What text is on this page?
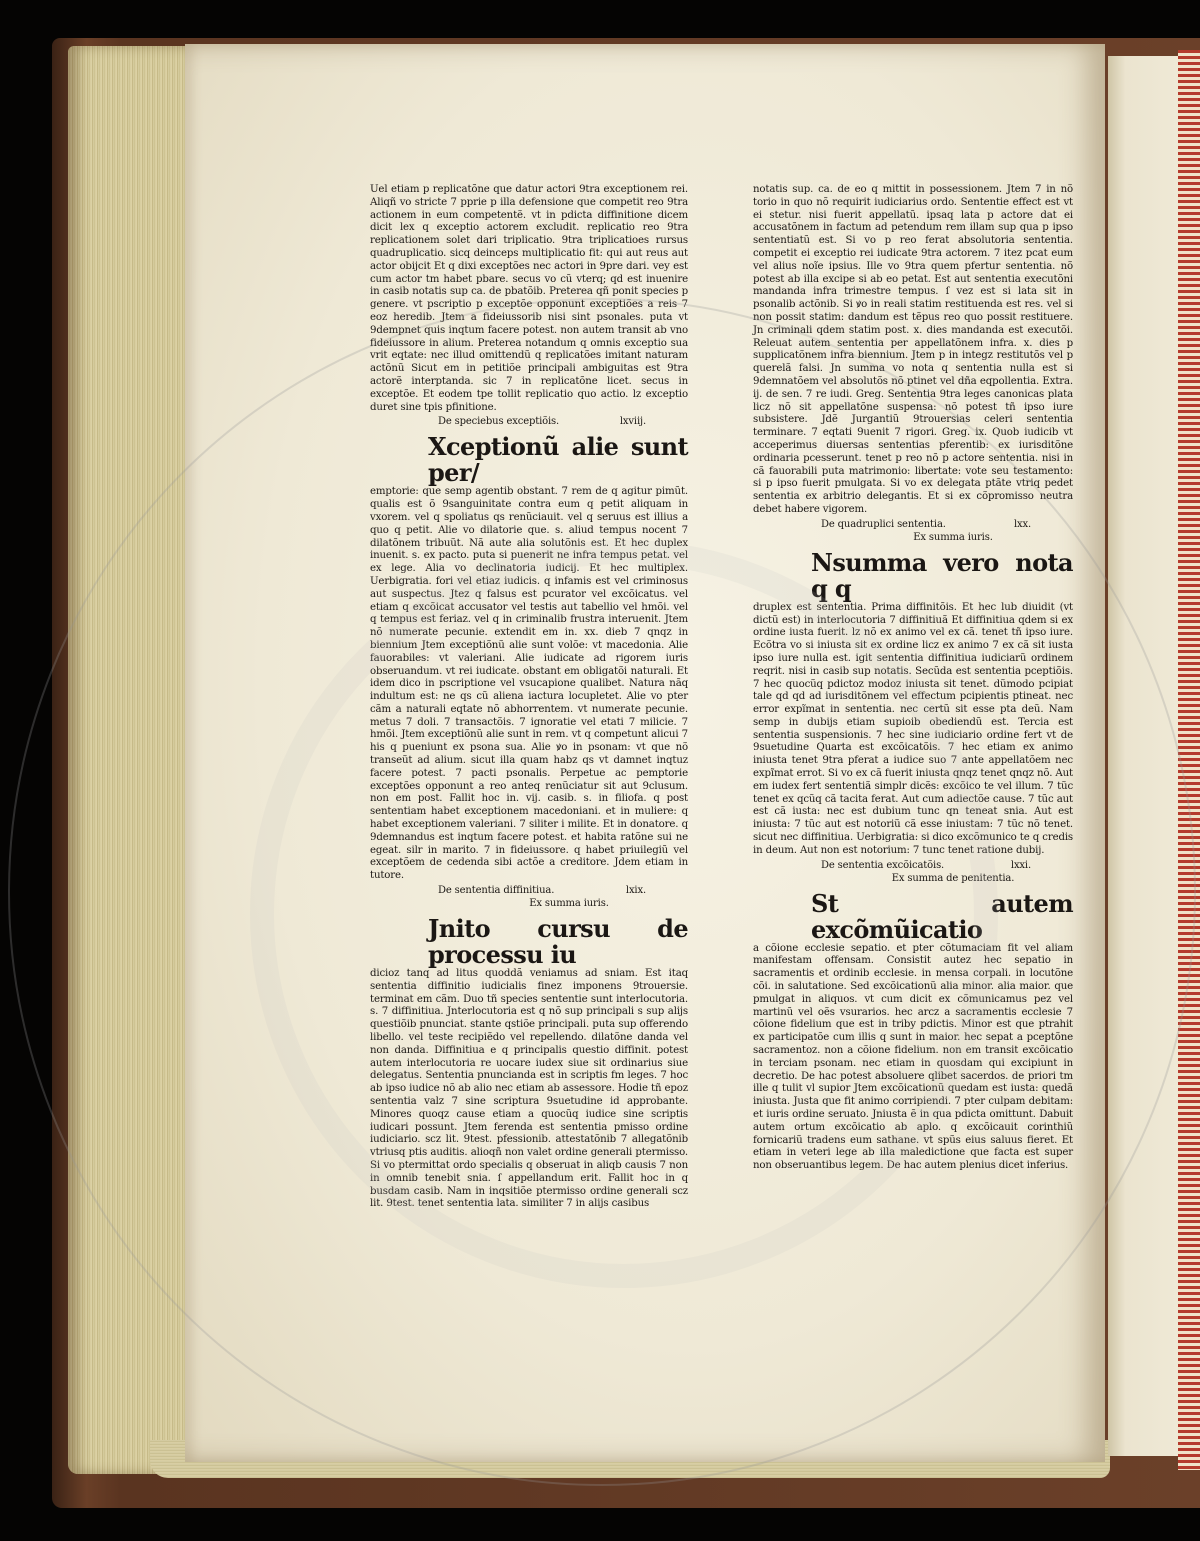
Uel etiam p replicatõne que datur actori 9tra exceptionem rei. Aliqñ vo stricte 7 pprie p illa defensione que competit reo 9tra actionem in eum competentẽ. vt in pdicta diffinitione dicem dicit lex q exceptio actorem excludit. replicatio reo 9tra replicationem solet dari triplicatio. 9tra triplicatioes rursus quadruplicatio. sicq deinceps multiplicatio fit: qui aut reus aut actor obijcit Et q dixi exceptões nec actori in 9pre dari. vey est cum actor tm habet pbare. secus vo cũ vterq; qd est inuenire in casib notatis sup ca. de pbatõib. Preterea qñ ponit species p genere. vt pscriptio p exceptõe opponunt exceptiões a reis 7 eoz heredib. Jtem a fideiussorib nisi sint psonales. puta vt 9dempnet quis inqtum facere potest. non autem transit ab vno fideiussore in alium. Preterea notandum q omnis exceptio sua vrit eqtate: nec illud omittendũ q replicatões imitant naturam actõnũ Sicut em in petitiõe principali ambiguitas est 9tra actorẽ interptanda. sic 7 in replicatõne licet. secus in exceptõe. Et eodem tpe tollit replicatio quo actio. lz exceptio duret sine tpis pfinitione.

De speciebus exceptiõis.	lxviij.
Xceptionũ alie sunt per/

emptorie: que semp agentib obstant. 7 rem de q agitur pimũt. qualis est õ 9sanguinitate contra eum q petit aliquam in vxorem. vel q spoliatus qs renũciauit. vel q seruus est illius a quo q petit. Alie vo dilatorie que. s. aliud tempus nocent 7 dilatõnem tribuũt. Nã aute alia solutõnis est. Et hec duplex inuenit. s. ex pacto. puta si puenerit ne infra tempus petat. vel ex lege. Alia vo declinatoria iudicij. Et hec multiplex. Uerbigratia. fori vel etiaz iudicis. q infamis est vel criminosus aut suspectus. Jtez q falsus est pcurator vel excõicatus. vel etiam q excõicat accusator vel testis aut tabellio vel hmõi. vel q tempus est feriaz. vel q in criminalib frustra interuenit. Jtem nõ numerate pecunie. extendit em in. xx. dieb 7 qnqz in biennium Jtem exceptiõnũ alie sunt volõe: vt macedonia. Alie fauorabiles: vt valeriani. Alie iudicate ad rigorem iuris obseruandum. vt rei iudicate. obstant em obligatõi naturali. Et idem dico in pscriptione vel vsucapione qualibet. Natura nãq indultum est: ne qs cũ aliena iactura locupletet. Alie vo pter cãm a naturali eqtate nõ abhorrentem. vt numerate pecunie. metus 7 doli. 7 transactõis. 7 ignoratie vel etati 7 milicie. 7 hmõi. Jtem exceptiõnũ alie sunt in rem. vt q competunt alicui 7 his q pueniunt ex psona sua. Alie ꝟo in psonam: vt que nõ transeũt ad alium. sicut illa quam habz qs vt damnet inqtuz facere potest. 7 pacti psonalis. Perpetue ac pemptorie exceptões opponunt a reo anteq renũciatur sit aut 9clusum. non em post. Fallit hoc in. vij. casib. s. in filiofa. q post sententiam habet exceptionem macedoniani. et in muliere: q habet exceptionem valeriani. 7 siliter i milite. Et in donatore. q 9demnandus est inqtum facere potest. et habita ratõne sui ne egeat. silr in marito. 7 in fideiussore. q habet priuilegiũ vel exceptõem de cedenda sibi actõe a creditore. Jdem etiam in tutore.

De sententia diffinitiua.	lxix.
Ex summa iuris.
Jnito cursu de processu iu

dicioz tanq ad litus quoddã veniamus ad sniam. Est itaq sententia diffinitio iudicialis finez imponens 9trouersie. terminat em cãm. Duo tñ species sententie sunt interlocutoria. s. 7 diffinitiua. Jnterlocutoria est q nõ sup principali s sup alijs questiõib pnunciat. stante qstiõe principali. puta sup offerendo libello. vel teste recipiẽdo vel repellendo. dilatõne danda vel non danda. Diffinitiua e q principalis questio diffinit. potest autem interlocutoria re uocare iudex siue sit ordinarius siue delegatus. Sententia pnuncianda est in scriptis fm leges. 7 hoc ab ipso iudice nõ ab alio nec etiam ab assessore. Hodie tñ epoz sententia valz 7 sine scriptura 9suetudine id approbante. Minores quoqz cause etiam a quocũq iudice sine scriptis iudicari possunt. Jtem ferenda est sententia pmisso ordine iudiciario. scz lit. 9test. pfessionib. attestatõnib 7 allegatõnib vtriusq ptis auditis. alioqñ non valet ordine generali ptermisso. Si vo ptermittat ordo specialis q obseruat in aliqb causis 7 non in omnib tenebit snia. ſ appellandum erit. Fallit hoc in q busdam casib. Nam in inqsitiõe ptermisso ordine generali scz lit. 9test. tenet sententia lata. similiter 7 in alijs casibus

notatis sup. ca. de eo q mittit in possessionem. Jtem 7 in nõ torio in quo nõ requirit iudiciarius ordo. Sententie effect est vt ei stetur. nisi fuerit appellatũ. ipsaq lata p actore dat ei accusatõnem in factum ad petendum rem illam sup qua p ipso sententiatũ est. Si vo p reo ferat absolutoria sententia. competit ei exceptio rei iudicate 9tra actorem. 7 itez pcat eum vel alius noĩe ipsius. Ille vo 9tra quem pfertur sententia. nõ potest ab illa excipe si ab eo petat. Est aut sententia executõni mandanda infra trimestre tempus. ſ vez est si lata sit in psonalib actõnib. Si ꝟo in reali statim restituenda est res. vel si non possit statim: dandum est tẽpus reo quo possit restituere. Jn criminali qdem statim post. x. dies mandanda est executõi. Releuat autem sententia per appellatõnem infra. x. dies p supplicatõnem infra biennium. Jtem p in integz restitutõs vel p querelã falsi. Jn summa vo nota q sententia nulla est si 9demnatõem vel absolutõs nõ ptinet vel dña eqpollentia. Extra. ij. de sen. 7 re iudi. Greg. Sententia 9tra leges canonicas plata licz nõ sit appellatõne suspensa: nõ potest tñ ipso iure subsistere. Jdẽ Jurgantiũ 9trouersias celeri sententia terminare. 7 eqtati 9uenit 7 rigori. Greg. ix. Quob iudicib vt acceperimus diuersas sententias pferentib: ex iurisditõne ordinaria pcesserunt. tenet p reo nõ p actore sententia. nisi in cã fauorabili puta matrimonio: libertate: vote seu testamento: si p ipso fuerit pmulgata. Si vo ex delegata ptãte vtriq pedet sententia ex arbitrio delegantis. Et si ex cõpromisso neutra debet habere vigorem.

De quadruplici sententia.	lxx.
Ex summa iuris.
Nsumma vero nota q q

druplex est sententia. Prima diffinitõis. Et hec lub diuidit (vt dictũ est) in interlocutoria 7 diffinitiuã Et diffinitiua qdem si ex ordine iusta fuerit. lz nõ ex animo vel ex cã. tenet tñ ipso iure. Ecõtra vo si iniusta sit ex ordine licz ex animo 7 ex cã sit iusta ipso iure nulla est. igit sententia diffinitiua iudiciarũ ordinem reqrit. nisi in casib sup notatis. Secũda est sententia pceptiõis. 7 hec quocũq pdictoz modoz iniusta sit tenet. dũmodo pcipiat tale qd qd ad iurisditõnem vel effectum pcipientis ptineat. nec error expĩmat in sententia. nec certũ sit esse pta deũ. Nam semp in dubijs etiam supioib obediendũ est. Tercia est sententia suspensionis. 7 hec sine iudiciario ordine fert vt de 9suetudine Quarta est excõicatõis. 7 hec etiam ex animo iniusta tenet 9tra pferat a iudice suo 7 ante appellatõem nec expĩmat errot. Si vo ex cã fuerit iniusta qnqz tenet qnqz nõ. Aut em iudex fert sententiã simplr dicẽs: excõico te vel illum. 7 tũc tenet ex qcũq cã tacita ferat. Aut cum adiectõe cause. 7 tũc aut est cã iusta: nec est dubium tunc qn teneat snia. Aut est iniusta: 7 tũc aut est notoriũ cã esse iniustam: 7 tũc nõ tenet. sicut nec diffinitiua. Uerbigratia: si dico excõmunico te q credis in deum. Aut non est notorium: 7 tunc tenet ratione dubij.

De sententia excõicatõis.	lxxi.
Ex summa de penitentia.
St autem excõmũicatio

a cõione ecclesie sepatio. et pter cõtumaciam fit vel aliam manifestam offensam. Consistit autez hec sepatio in sacramentis et ordinib ecclesie. in mensa corpali. in locutõne cõi. in salutatione. Sed excõicationũ alia minor. alia maior. que pmulgat in aliquos. vt cum dicit ex cõmunicamus pez vel martinũ vel oẽs vsurarios. hec arcz a sacramentis ecclesie 7 cõione fidelium que est in triby pdictis. Minor est que ptrahit ex participatõe cum illis q sunt in maior. hec sepat a pceptõne sacramentoz. non a cõione fidelium. non em transit excõicatio in terciam psonam. nec etiam in quosdam qui excipiunt in decretio. De hac potest absoluere qlibet sacerdos. de priori tm ille q tulit vl supior Jtem excõicationũ quedam est iusta: quedã iniusta. Justa que fit animo corripiendi. 7 pter culpam debitam: et iuris ordine seruato. Jniusta ẽ in qua pdicta omittunt. Dabuit autem ortum excõicatio ab aplo. q excõicauit corinthiũ fornicariũ tradens eum sathane. vt spũs eius saluus fieret. Et etiam in veteri lege ab illa maledictione que facta est super non obseruantibus legem. De hac autem plenius dicet inferius.
